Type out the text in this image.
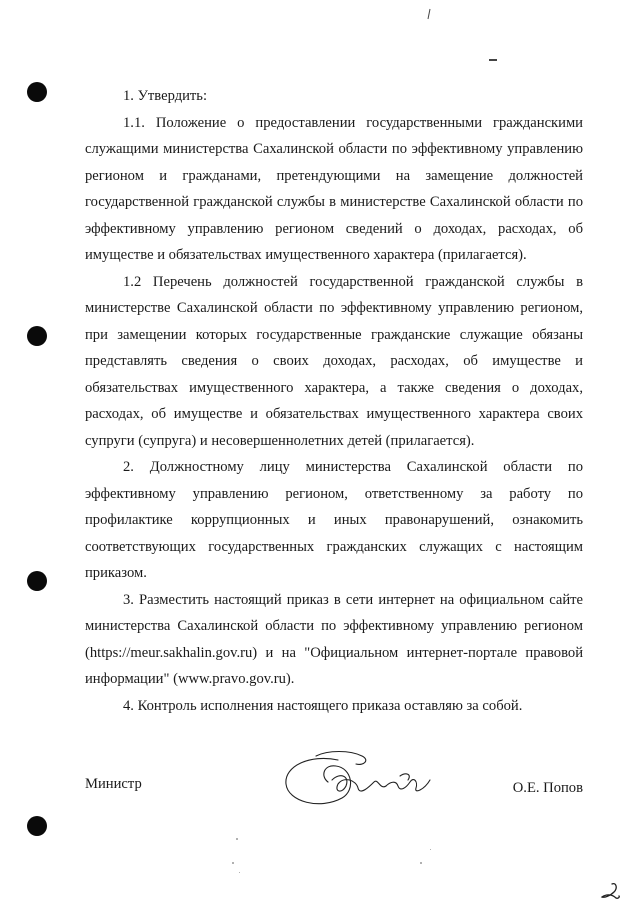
1. Утвердить:

1.1. Положение о предоставлении государственными гражданскими служащими министерства Сахалинской области по эффективному управлению регионом и гражданами, претендующими на замещение должностей государственной гражданской службы в министерстве Сахалинской области по эффективному управлению регионом сведений о доходах, расходах, об имуществе и обязательствах имущественного характера (прилагается).

1.2 Перечень должностей государственной гражданской службы в министерстве Сахалинской области по эффективному управлению регионом, при замещении которых государственные гражданские служащие обязаны представлять сведения о своих доходах, расходах, об имуществе и обязательствах имущественного характера, а также сведения о доходах, расходах, об имуществе и обязательствах имущественного характера своих супруги (супруга) и несовершеннолетних детей (прилагается).

2. Должностному лицу министерства Сахалинской области по эффективному управлению регионом, ответственному за работу по профилактике коррупционных и иных правонарушений, ознакомить соответствующих государственных гражданских служащих с настоящим приказом.

3. Разместить настоящий приказ в сети интернет на официальном сайте министерства Сахалинской области по эффективному управлению регионом (https://meur.sakhalin.gov.ru) и на "Официальном интернет-портале правовой информации" (www.pravo.gov.ru).

4. Контроль исполнения настоящего приказа оставляю за собой.

Министр	О.Е. Попов
